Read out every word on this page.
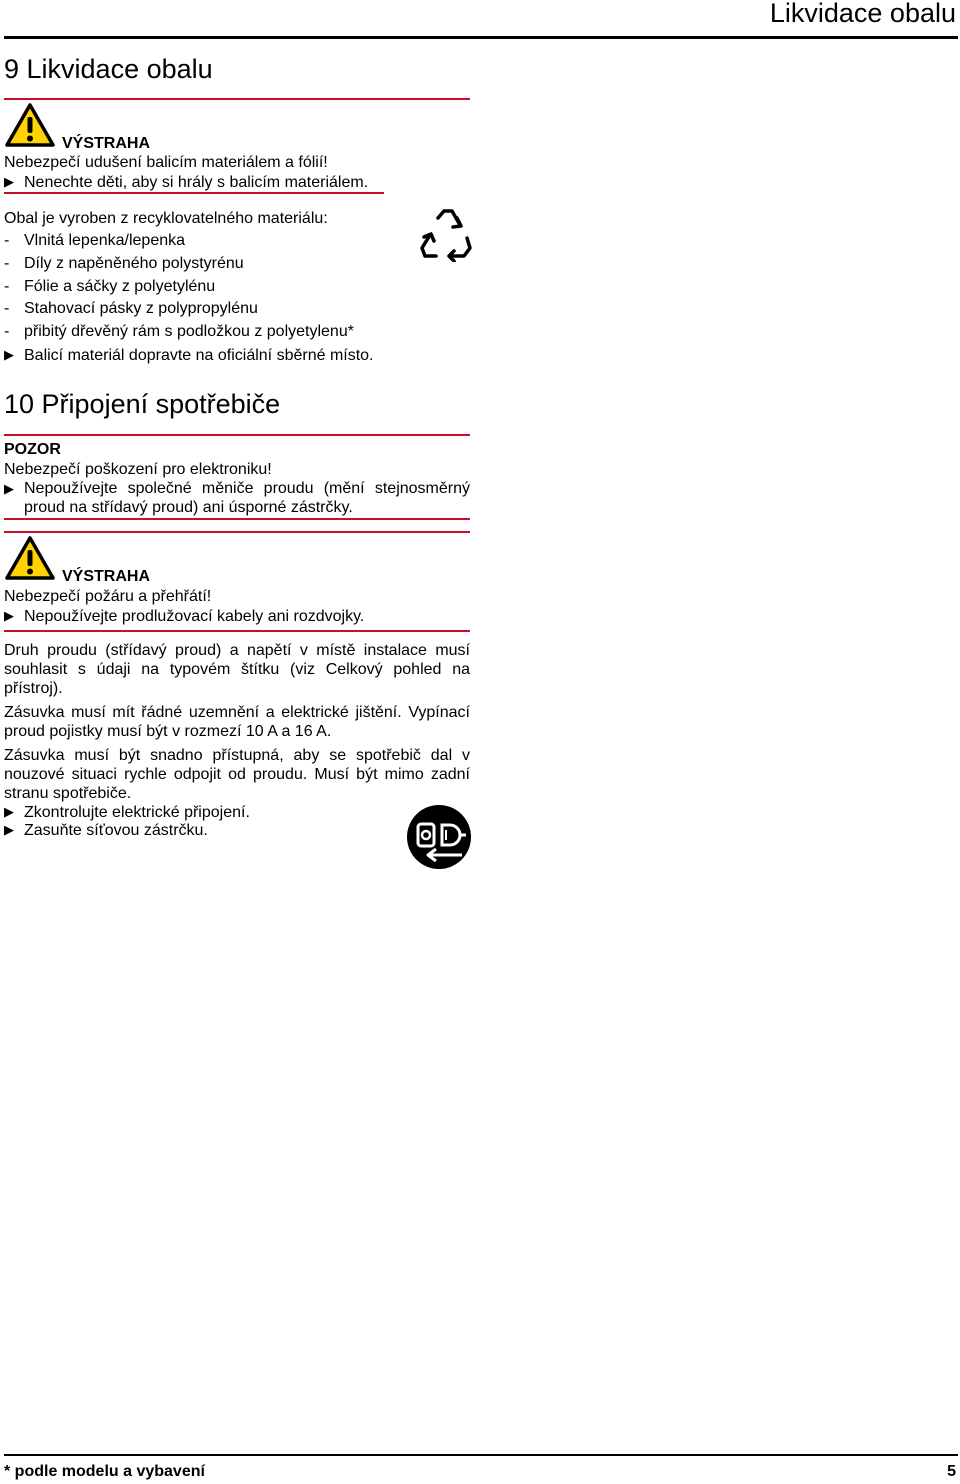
Likvidace obalu
9 Likvidace obalu
VÝSTRAHA
Nebezpečí udušení balicím materiálem a fólií!
▶ Nenechte děti, aby si hrály s balicím materiálem.
Obal je vyroben z recyklovatelného materiálu:
- Vlnitá lepenka/lepenka
- Díly z napěněného polystyrénu
- Fólie a sáčky z polyetylénu
- Stahovací pásky z polypropylénu
- přibitý dřevěný rám s podložkou z polyetylenu*
▶ Balicí materiál dopravte na oficiální sběrné místo.
10 Připojení spotřebiče
POZOR
Nebezpečí poškození pro elektroniku!
▶ Nepoužívejte společné měniče proudu (mění stejnosměrný proud na střídavý proud) ani úsporné zástrčky.
VÝSTRAHA
Nebezpečí požáru a přehřátí!
▶ Nepoužívejte prodlužovací kabely ani rozdvojky.
Druh proudu (střídavý proud) a napětí v místě instalace musí souhlasit s údaji na typovém štítku (viz Celkový pohled na přístroj).
Zásuvka musí mít řádné uzemnění a elektrické jištění. Vypínací proud pojistky musí být v rozmezí 10 A a 16 A.
Zásuvka musí být snadno přístupná, aby se spotřebič dal v nouzové situaci rychle odpojit od proudu. Musí být mimo zadní stranu spotřebiče.
▶ Zkontrolujte elektrické připojení.
▶ Zasuňte síťovou zástrčku.
* podle modelu a vybavení	5
